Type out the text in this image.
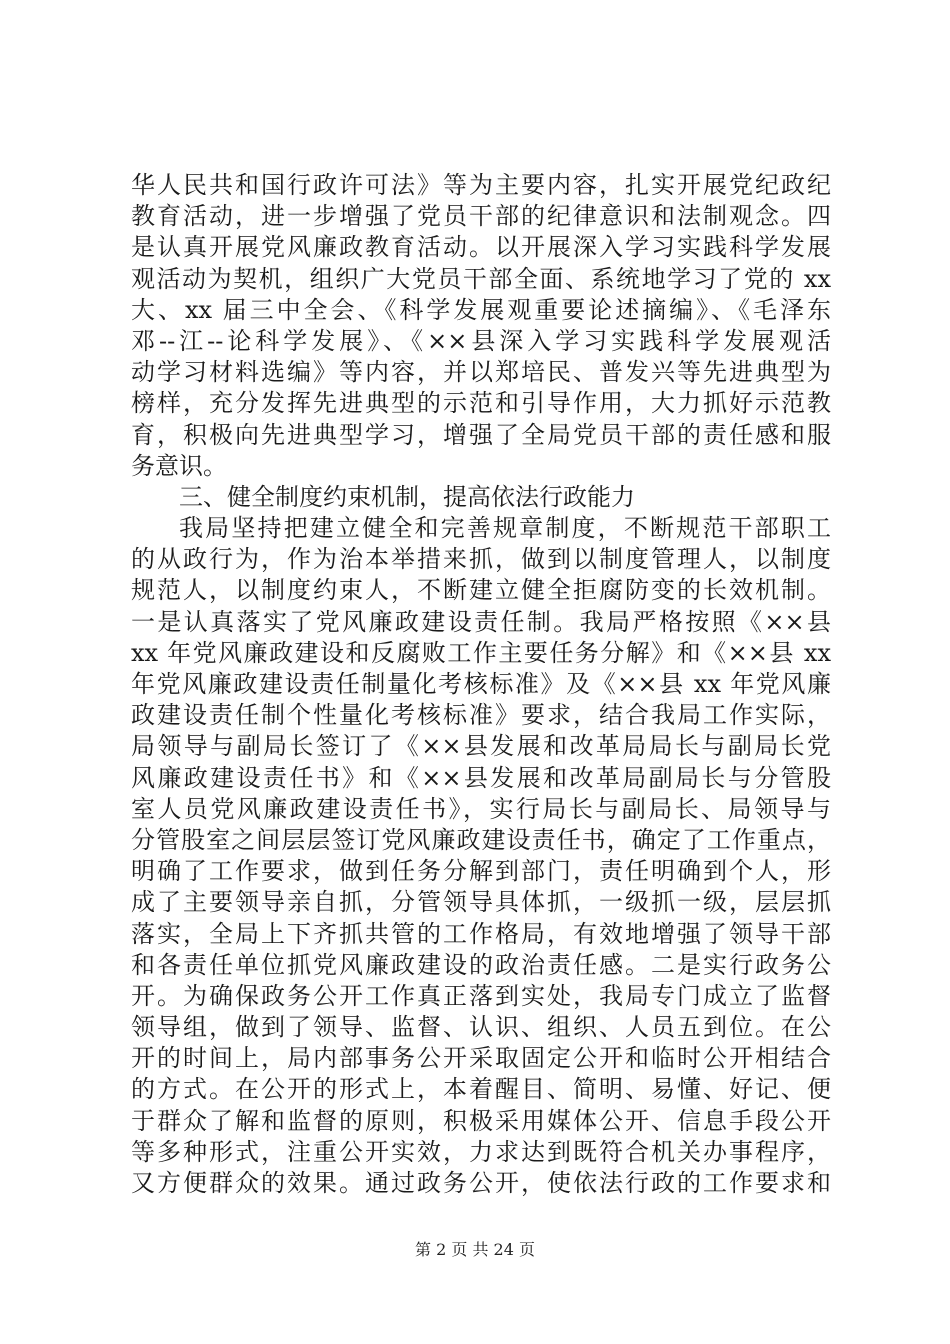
华人民共和国行政许可法》等为主要内容，扎实开展党纪政纪
教育活动，进一步增强了党员干部的纪律意识和法制观念。四
是认真开展党风廉政教育活动。以开展深入学习实践科学发展
观活动为契机，组织广大党员干部全面、系统地学习了党的 xx
大、xx 届三中全会、《科学发展观重要论述摘编》、《毛泽东
邓--江--论科学发展》、《××县深入学习实践科学发展观活
动学习材料选编》等内容，并以郑培民、普发兴等先进典型为
榜样，充分发挥先进典型的示范和引导作用，大力抓好示范教
育，积极向先进典型学习，增强了全局党员干部的责任感和服
务意识。
三、健全制度约束机制，提高依法行政能力
我局坚持把建立健全和完善规章制度，不断规范干部职工
的从政行为，作为治本举措来抓，做到以制度管理人，以制度
规范人，以制度约束人，不断建立健全拒腐防变的长效机制。
一是认真落实了党风廉政建设责任制。我局严格按照《××县
xx 年党风廉政建设和反腐败工作主要任务分解》和《××县 xx
年党风廉政建设责任制量化考核标准》及《××县 xx 年党风廉
政建设责任制个性量化考核标准》要求，结合我局工作实际，
局领导与副局长签订了《××县发展和改革局局长与副局长党
风廉政建设责任书》和《××县发展和改革局副局长与分管股
室人员党风廉政建设责任书》，实行局长与副局长、局领导与
分管股室之间层层签订党风廉政建设责任书，确定了工作重点，
明确了工作要求，做到任务分解到部门，责任明确到个人，形
成了主要领导亲自抓，分管领导具体抓，一级抓一级，层层抓
落实，全局上下齐抓共管的工作格局，有效地增强了领导干部
和各责任单位抓党风廉政建设的政治责任感。二是实行政务公
开。为确保政务公开工作真正落到实处，我局专门成立了监督
领导组，做到了领导、监督、认识、组织、人员五到位。在公
开的时间上，局内部事务公开采取固定公开和临时公开相结合
的方式。在公开的形式上，本着醒目、简明、易懂、好记、便
于群众了解和监督的原则，积极采用媒体公开、信息手段公开
等多种形式，注重公开实效，力求达到既符合机关办事程序，
又方便群众的效果。通过政务公开，使依法行政的工作要求和
第 2 页 共 24 页
